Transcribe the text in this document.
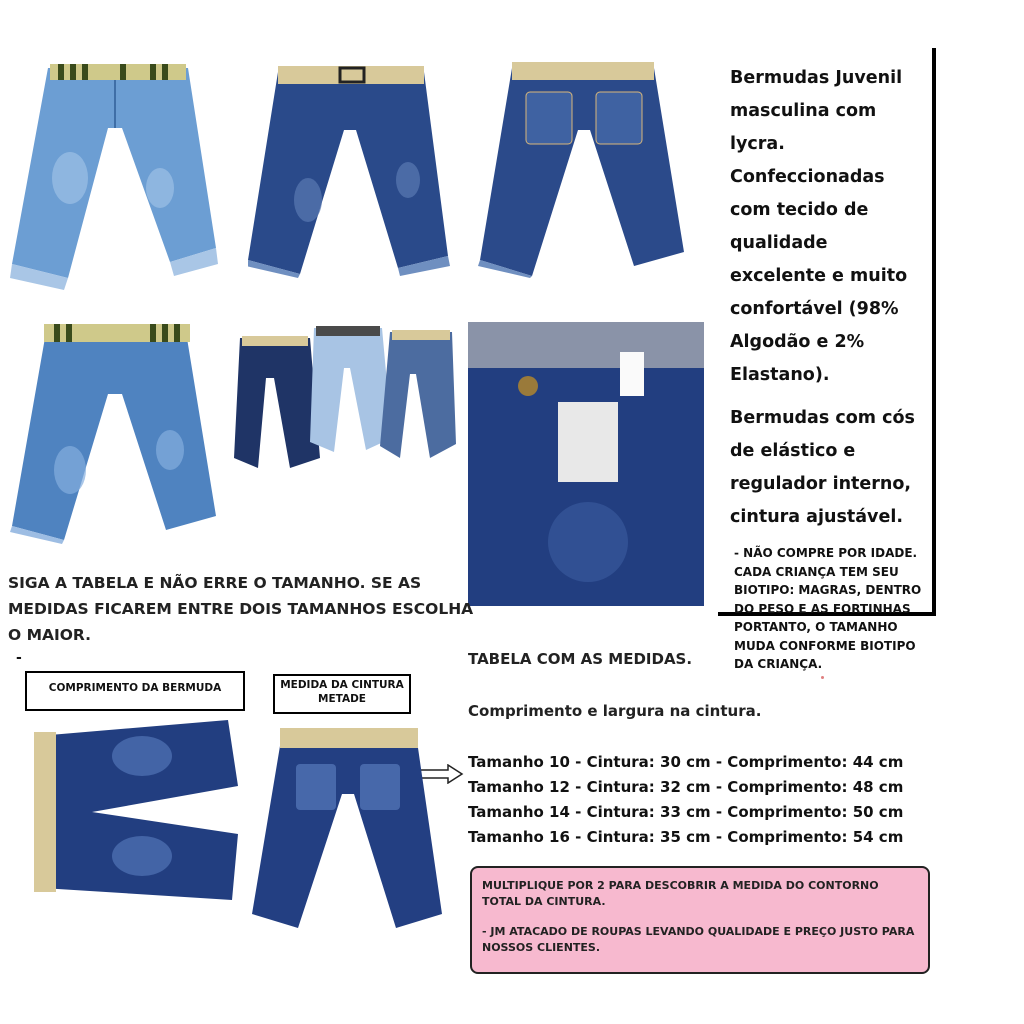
Bermudas Juvenil masculina com lycra. Confeccionadas com tecido de qualidade excelente e muito confortável (98% Algodão e 2% Elastano).

Bermudas com cós de elástico e regulador interno, cintura ajustável.

- NÃO COMPRE POR IDADE. CADA CRIANÇA TEM SEU BIOTIPO: MAGRAS, DENTRO DO PESO E AS FORTINHAS PORTANTO, O TAMANHO MUDA CONFORME BIOTIPO DA CRIANÇA.

SIGA A TABELA E NÃO ERRE O TAMANHO. SE AS MEDIDAS FICAREM ENTRE DOIS TAMANHOS ESCOLHA O MAIOR.
-
COMPRIMENTO DA BERMUDA	MEDIDA DA CINTURA METADE
TABELA COM AS MEDIDAS.
Comprimento e largura na cintura.
Tamanho 10 - Cintura: 30 cm - Comprimento: 44 cm
Tamanho 12 - Cintura: 32 cm - Comprimento: 48 cm
Tamanho 14 - Cintura: 33 cm - Comprimento: 50 cm
Tamanho 16 - Cintura: 35 cm - Comprimento: 54 cm

MULTIPLIQUE POR 2 PARA DESCOBRIR A MEDIDA DO CONTORNO TOTAL DA CINTURA.

- JM ATACADO DE ROUPAS LEVANDO QUALIDADE E PREÇO JUSTO PARA NOSSOS CLIENTES.
